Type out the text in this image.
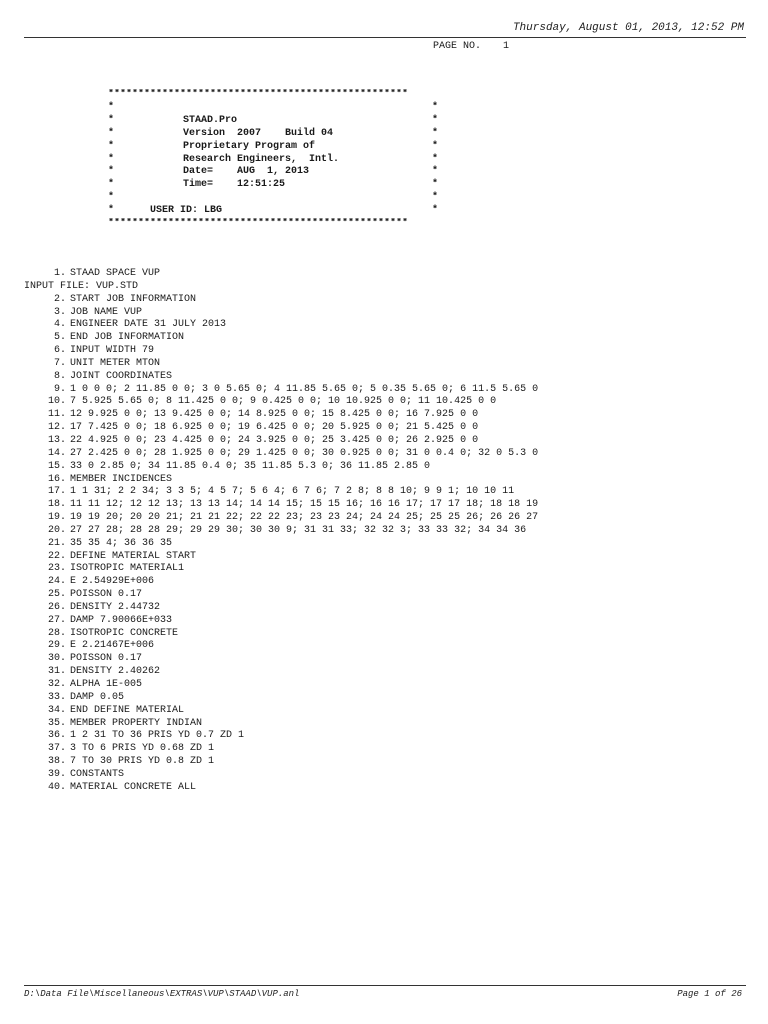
Thursday, August 01, 2013, 12:52 PM
PAGE NO. 1
**************************************************
*	*
*	STAAD.Pro	*
*	Version  2007    Build 04	*
*	Proprietary Program of	*
*	Research Engineers,  Intl.	*
*	Date=    AUG  1, 2013	*
*	Time=    12:51:25	*
*	*
*	USER ID: LBG	*
**************************************************
1. STAAD SPACE VUP
INPUT FILE: VUP.STD
2. START JOB INFORMATION
3. JOB NAME VUP
4. ENGINEER DATE 31 JULY 2013
5. END JOB INFORMATION
6. INPUT WIDTH 79
7. UNIT METER MTON
8. JOINT COORDINATES
9. 1 0 0 0; 2 11.85 0 0; 3 0 5.65 0; 4 11.85 5.65 0; 5 0.35 5.65 0; 6 11.5 5.65 0
10. 7 5.925 5.65 0; 8 11.425 0 0; 9 0.425 0 0; 10 10.925 0 0; 11 10.425 0 0
11. 12 9.925 0 0; 13 9.425 0 0; 14 8.925 0 0; 15 8.425 0 0; 16 7.925 0 0
12. 17 7.425 0 0; 18 6.925 0 0; 19 6.425 0 0; 20 5.925 0 0; 21 5.425 0 0
13. 22 4.925 0 0; 23 4.425 0 0; 24 3.925 0 0; 25 3.425 0 0; 26 2.925 0 0
14. 27 2.425 0 0; 28 1.925 0 0; 29 1.425 0 0; 30 0.925 0 0; 31 0 0.4 0; 32 0 5.3 0
15. 33 0 2.85 0; 34 11.85 0.4 0; 35 11.85 5.3 0; 36 11.85 2.85 0
16. MEMBER INCIDENCES
17. 1 1 31; 2 2 34; 3 3 5; 4 5 7; 5 6 4; 6 7 6; 7 2 8; 8 8 10; 9 9 1; 10 10 11
18. 11 11 12; 12 12 13; 13 13 14; 14 14 15; 15 15 16; 16 16 17; 17 17 18; 18 18 19
19. 19 19 20; 20 20 21; 21 21 22; 22 22 23; 23 23 24; 24 24 25; 25 25 26; 26 26 27
20. 27 27 28; 28 28 29; 29 29 30; 30 30 9; 31 31 33; 32 32 3; 33 33 32; 34 34 36
21. 35 35 4; 36 36 35
22. DEFINE MATERIAL START
23. ISOTROPIC MATERIAL1
24. E 2.54929E+006
25. POISSON 0.17
26. DENSITY 2.44732
27. DAMP 7.90066E+033
28. ISOTROPIC CONCRETE
29. E 2.21467E+006
30. POISSON 0.17
31. DENSITY 2.40262
32. ALPHA 1E-005
33. DAMP 0.05
34. END DEFINE MATERIAL
35. MEMBER PROPERTY INDIAN
36. 1 2 31 TO 36 PRIS YD 0.7 ZD 1
37. 3 TO 6 PRIS YD 0.68 ZD 1
38. 7 TO 30 PRIS YD 0.8 ZD 1
39. CONSTANTS
40. MATERIAL CONCRETE ALL
D:\Data File\Miscellaneous\EXTRAS\VUP\STAAD\VUP.anl	Page 1 of 26
